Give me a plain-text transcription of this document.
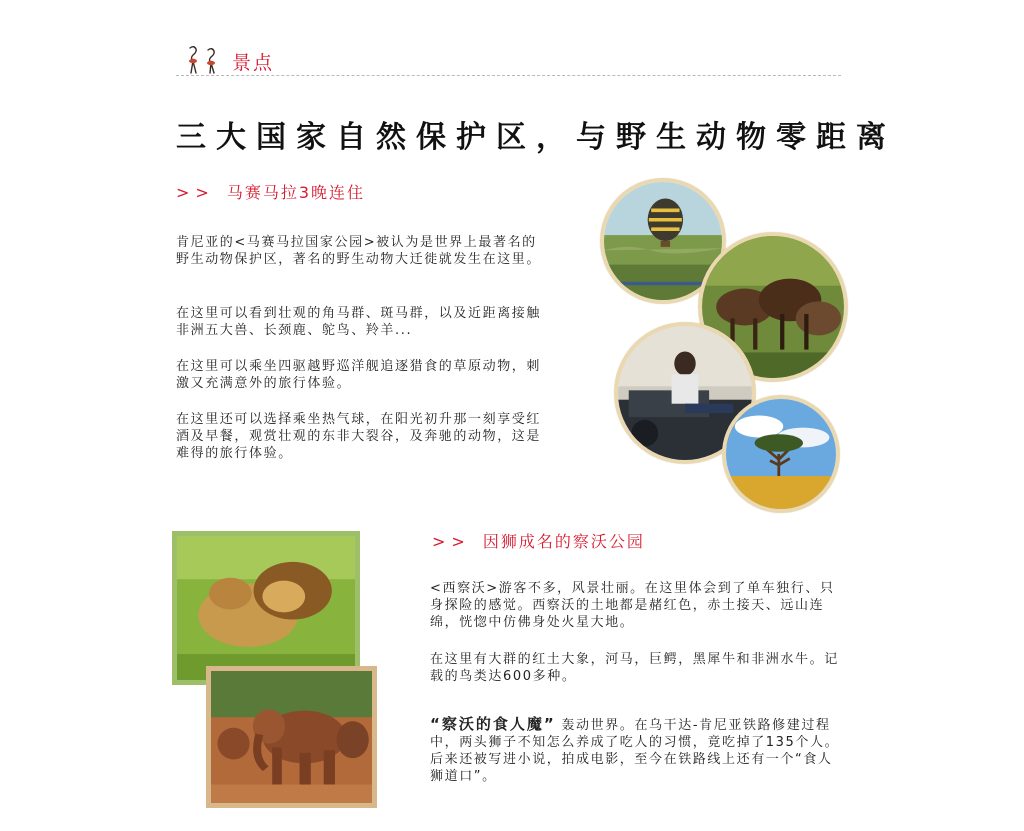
景点
三大国家自然保护区，与野生动物零距离
>> 马赛马拉3晚连住
肯尼亚的<马赛马拉国家公园>被认为是世界上最著名的野生动物保护区，著名的野生动物大迁徙就发生在这里。
在这里可以看到壮观的角马群、斑马群，以及近距离接触非洲五大兽、长颈鹿、鸵鸟、羚羊...
在这里可以乘坐四驱越野巡洋舰追逐猎食的草原动物，刺激又充满意外的旅行体验。
在这里还可以选择乘坐热气球，在阳光初升那一刻享受红酒及早餐，观赏壮观的东非大裂谷，及奔驰的动物，这是难得的旅行体验。
>> 因狮成名的察沃公园
<西察沃>游客不多，风景壮丽。在这里体会到了单车独行、只身探险的感觉。西察沃的土地都是赭红色，赤土接天、远山连绵，恍惚中仿佛身处火星大地。
在这里有大群的红土大象，河马，巨鳄，黑犀牛和非洲水牛。记载的鸟类达600多种。
“察沃的食人魔” 轰动世界。在乌干达-肯尼亚铁路修建过程中，两头狮子不知怎么养成了吃人的习惯，竟吃掉了135个人。后来还被写进小说，拍成电影，至今在铁路线上还有一个“食人狮道口”。
